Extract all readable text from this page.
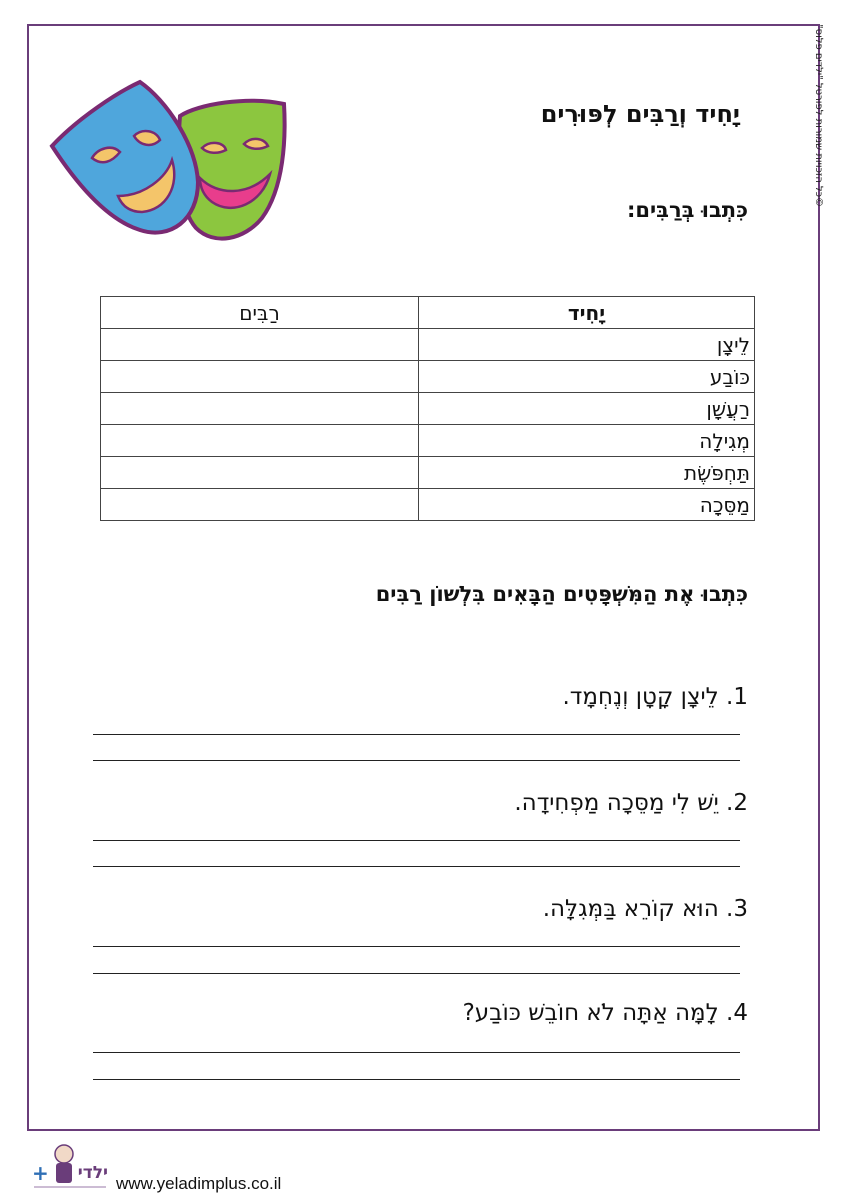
©כל הזכויות שמורות לפורטל "ילדים פלוס"
יָחִיד וְרַבִּים לְפּוּרִים
כִּתְבוּ בְּרַבִּים:
יָחִיד	רַבִּים
לֵיצָן	
כּוֹבַע	
רַעֲשָׁן	
מְגִילָה	
תַּחְפֹּשֶׂת	
מַסֵּכָה	
כִּתְבוּ אֶת הַמִּשְׁפָּטִים הַבָּאִים בִּלְשׁוֹן רַבִּים
1. לֵיצָן קָטָן וְנֶחְמָד.
2. יֵשׁ לִי מַסֵּכָה מַפְחִידָה.
3. הוּא קוֹרֵא בַּמְּגִלָּה.
4. לָמָּה אַתָּה לֹא חוֹבֵשׁ כּוֹבַע?
+ ילדי
www.yeladimplus.co.il
